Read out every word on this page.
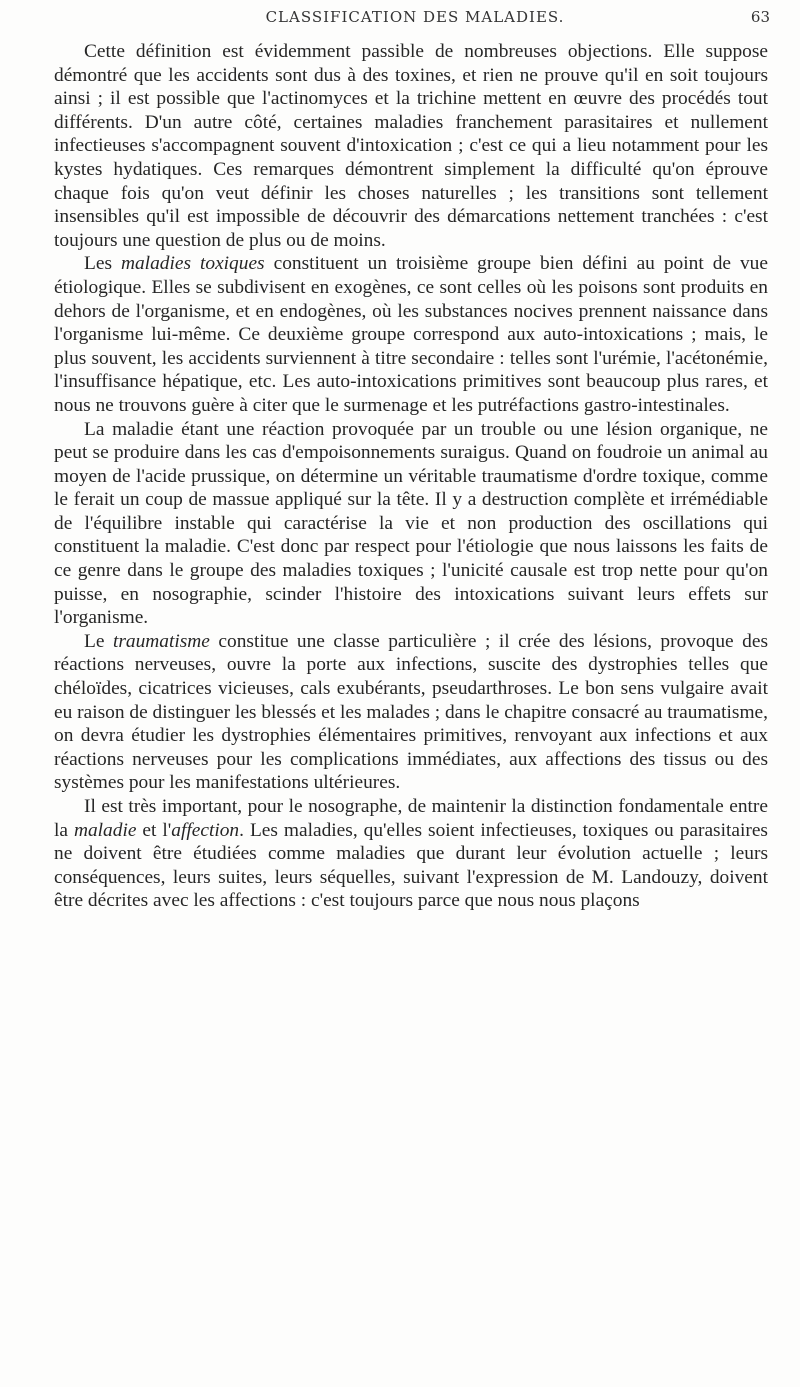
CLASSIFICATION DES MALADIES.	63

Cette définition est évidemment passible de nombreuses objections. Elle suppose démontré que les accidents sont dus à des toxines, et rien ne prouve qu'il en soit toujours ainsi ; il est possible que l'actinomyces et la trichine mettent en œuvre des procédés tout différents. D'un autre côté, certaines maladies franchement parasitaires et nullement infectieuses s'accompagnent souvent d'intoxication ; c'est ce qui a lieu notamment pour les kystes hydatiques. Ces remarques démontrent simplement la difficulté qu'on éprouve chaque fois qu'on veut définir les choses naturelles ; les transitions sont tellement insensibles qu'il est impossible de découvrir des démarcations nettement tranchées : c'est toujours une question de plus ou de moins.

Les maladies toxiques constituent un troisième groupe bien défini au point de vue étiologique. Elles se subdivisent en exogènes, ce sont celles où les poisons sont produits en dehors de l'organisme, et en endogènes, où les substances nocives prennent naissance dans l'organisme lui-même. Ce deuxième groupe correspond aux auto-intoxications ; mais, le plus souvent, les accidents surviennent à titre secondaire : telles sont l'urémie, l'acétonémie, l'insuffisance hépatique, etc. Les auto-intoxications primitives sont beaucoup plus rares, et nous ne trouvons guère à citer que le surmenage et les putréfactions gastro-intestinales.

La maladie étant une réaction provoquée par un trouble ou une lésion organique, ne peut se produire dans les cas d'empoisonnements suraigus. Quand on foudroie un animal au moyen de l'acide prussique, on détermine un véritable traumatisme d'ordre toxique, comme le ferait un coup de massue appliqué sur la tête. Il y a destruction complète et irrémédiable de l'équilibre instable qui caractérise la vie et non production des oscillations qui constituent la maladie. C'est donc par respect pour l'étiologie que nous laissons les faits de ce genre dans le groupe des maladies toxiques ; l'unicité causale est trop nette pour qu'on puisse, en nosographie, scinder l'histoire des intoxications suivant leurs effets sur l'organisme.

Le traumatisme constitue une classe particulière ; il crée des lésions, provoque des réactions nerveuses, ouvre la porte aux infections, suscite des dystrophies telles que chéloïdes, cicatrices vicieuses, cals exubérants, pseudarthroses. Le bon sens vulgaire avait eu raison de distinguer les blessés et les malades ; dans le chapitre consacré au traumatisme, on devra étudier les dystrophies élémentaires primitives, renvoyant aux infections et aux réactions nerveuses pour les complications immédiates, aux affections des tissus ou des systèmes pour les manifestations ultérieures.

Il est très important, pour le nosographe, de maintenir la distinction fondamentale entre la maladie et l'affection. Les maladies, qu'elles soient infectieuses, toxiques ou parasitaires ne doivent être étudiées comme maladies que durant leur évolution actuelle ; leurs conséquences, leurs suites, leurs séquelles, suivant l'expression de M. Landouzy, doivent être décrites avec les affections : c'est toujours parce que nous nous plaçons
